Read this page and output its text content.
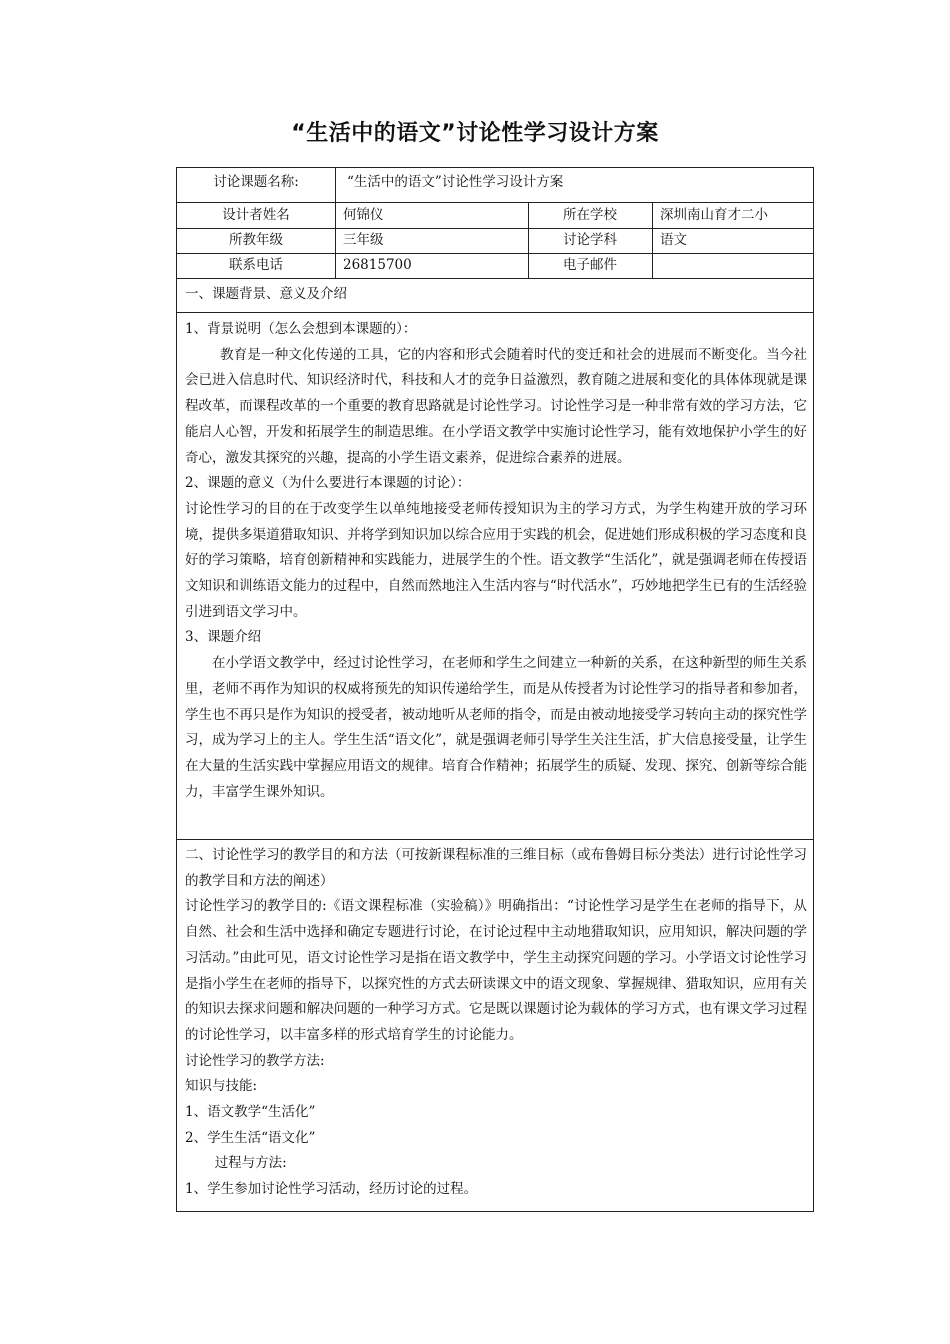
“生活中的语文”讨论性学习设计方案
讨论课题名称:	“生活中的语文”讨论性学习设计方案
设计者姓名	何锦仪	所在学校	深圳南山育才二小
所教年级	三年级	讨论学科	语文
联系电话	26815700	电子邮件
一、课题背景、意义及介绍

1、背景说明（怎么会想到本课题的）：

教育是一种文化传递的工具，它的内容和形式会随着时代的变迁和社会的进展而不断变化。当今社会已进入信息时代、知识经济时代，科技和人才的竞争日益激烈，教育随之进展和变化的具体体现就是课程改革，而课程改革的一个重要的教育思路就是讨论性学习。讨论性学习是一种非常有效的学习方法，它能启人心智，开发和拓展学生的制造思维。在小学语文教学中实施讨论性学习，能有效地保护小学生的好奇心，激发其探究的兴趣，提高的小学生语文素养，促进综合素养的进展。

2、课题的意义（为什么要进行本课题的讨论）：

讨论性学习的目的在于改变学生以单纯地接受老师传授知识为主的学习方式，为学生构建开放的学习环境，提供多渠道猎取知识、并将学到知识加以综合应用于实践的机会，促进她们形成积极的学习态度和良好的学习策略，培育创新精神和实践能力，进展学生的个性。语文教学“生活化”，就是强调老师在传授语文知识和训练语文能力的过程中，自然而然地注入生活内容与“时代活水”，巧妙地把学生已有的生活经验引进到语文学习中。

3、课题介绍

在小学语文教学中，经过讨论性学习，在老师和学生之间建立一种新的关系，在这种新型的师生关系里，老师不再作为知识的权威将预先的知识传递给学生，而是从传授者为讨论性学习的指导者和参加者，学生也不再只是作为知识的授受者，被动地听从老师的指令，而是由被动地接受学习转向主动的探究性学习，成为学习上的主人。学生生活“语文化”，就是强调老师引导学生关注生活，扩大信息接受量，让学生在大量的生活实践中掌握应用语文的规律。培育合作精神；拓展学生的质疑、发现、探究、创新等综合能力，丰富学生课外知识。

二、讨论性学习的教学目的和方法（可按新课程标准的三维目标（或布鲁姆目标分类法）进行讨论性学习的教学目和方法的阐述）

讨论性学习的教学目的:《语文课程标准（实验稿）》明确指出：“讨论性学习是学生在老师的指导下，从自然、社会和生活中选择和确定专题进行讨论，在讨论过程中主动地猎取知识，应用知识，解决问题的学习活动。”由此可见，语文讨论性学习是指在语文教学中，学生主动探究问题的学习。小学语文讨论性学习是指小学生在老师的指导下，以探究性的方式去研读课文中的语文现象、掌握规律、猎取知识，应用有关的知识去探求问题和解决问题的一种学习方式。它是既以课题讨论为载体的学习方式，也有课文学习过程的讨论性学习，以丰富多样的形式培育学生的讨论能力。

讨论性学习的教学方法:

知识与技能:

1、语文教学“生活化”

2、学生生活“语文化”

过程与方法:

1、学生参加讨论性学习活动，经历讨论的过程。
